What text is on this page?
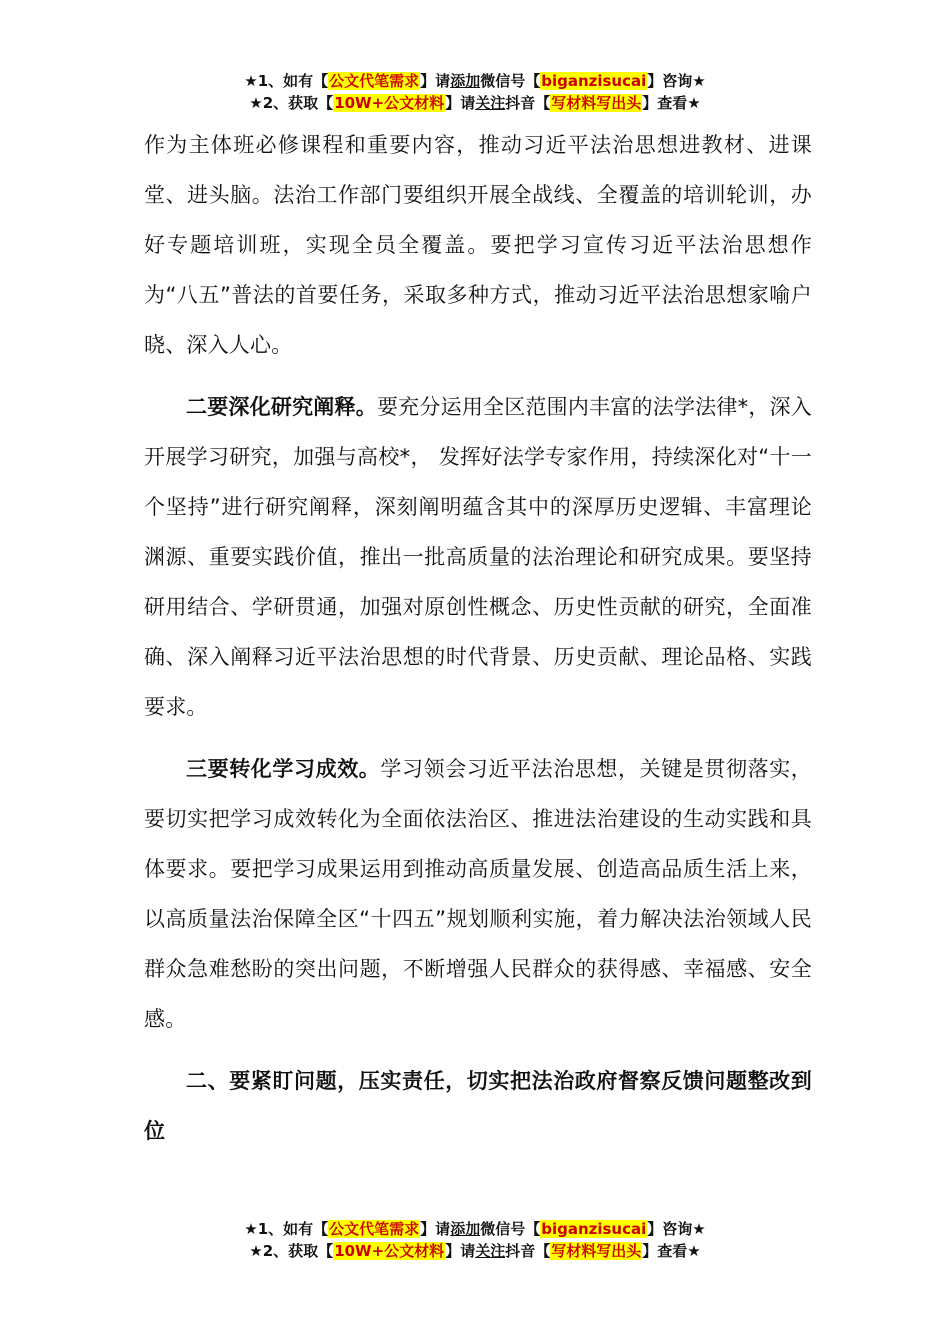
★1、如有【公文代笔需求】请添加微信号【biganzisucai】咨询★
★2、获取【10W+公文材料】请关注抖音【写材料写出头】查看★

作为主体班必修课程和重要内容，推动习近平法治思想进教材、进课堂、进头脑。法治工作部门要组织开展全战线、全覆盖的培训轮训，办好专题培训班，实现全员全覆盖。要把学习宣传习近平法治思想作为“八五”普法的首要任务，采取多种方式，推动习近平法治思想家喻户晓、深入人心。

二要深化研究阐释。要充分运用全区范围内丰富的法学法律*，深入开展学习研究，加强与高校*， 发挥好法学专家作用，持续深化对“十一个坚持”进行研究阐释，深刻阐明蕴含其中的深厚历史逻辑、丰富理论渊源、重要实践价值，推出一批高质量的法治理论和研究成果。要坚持研用结合、学研贯通，加强对原创性概念、历史性贡献的研究，全面准确、深入阐释习近平法治思想的时代背景、历史贡献、理论品格、实践要求。

三要转化学习成效。学习领会习近平法治思想，关键是贯彻落实，要切实把学习成效转化为全面依法治区、推进法治建设的生动实践和具体要求。要把学习成果运用到推动高质量发展、创造高品质生活上来，以高质量法治保障全区“十四五”规划顺利实施，着力解决法治领域人民群众急难愁盼的突出问题，不断增强人民群众的获得感、幸福感、安全感。

二、要紧盯问题，压实责任，切实把法治政府督察反馈问题整改到位

★1、如有【公文代笔需求】请添加微信号【biganzisucai】咨询★
★2、获取【10W+公文材料】请关注抖音【写材料写出头】查看★
